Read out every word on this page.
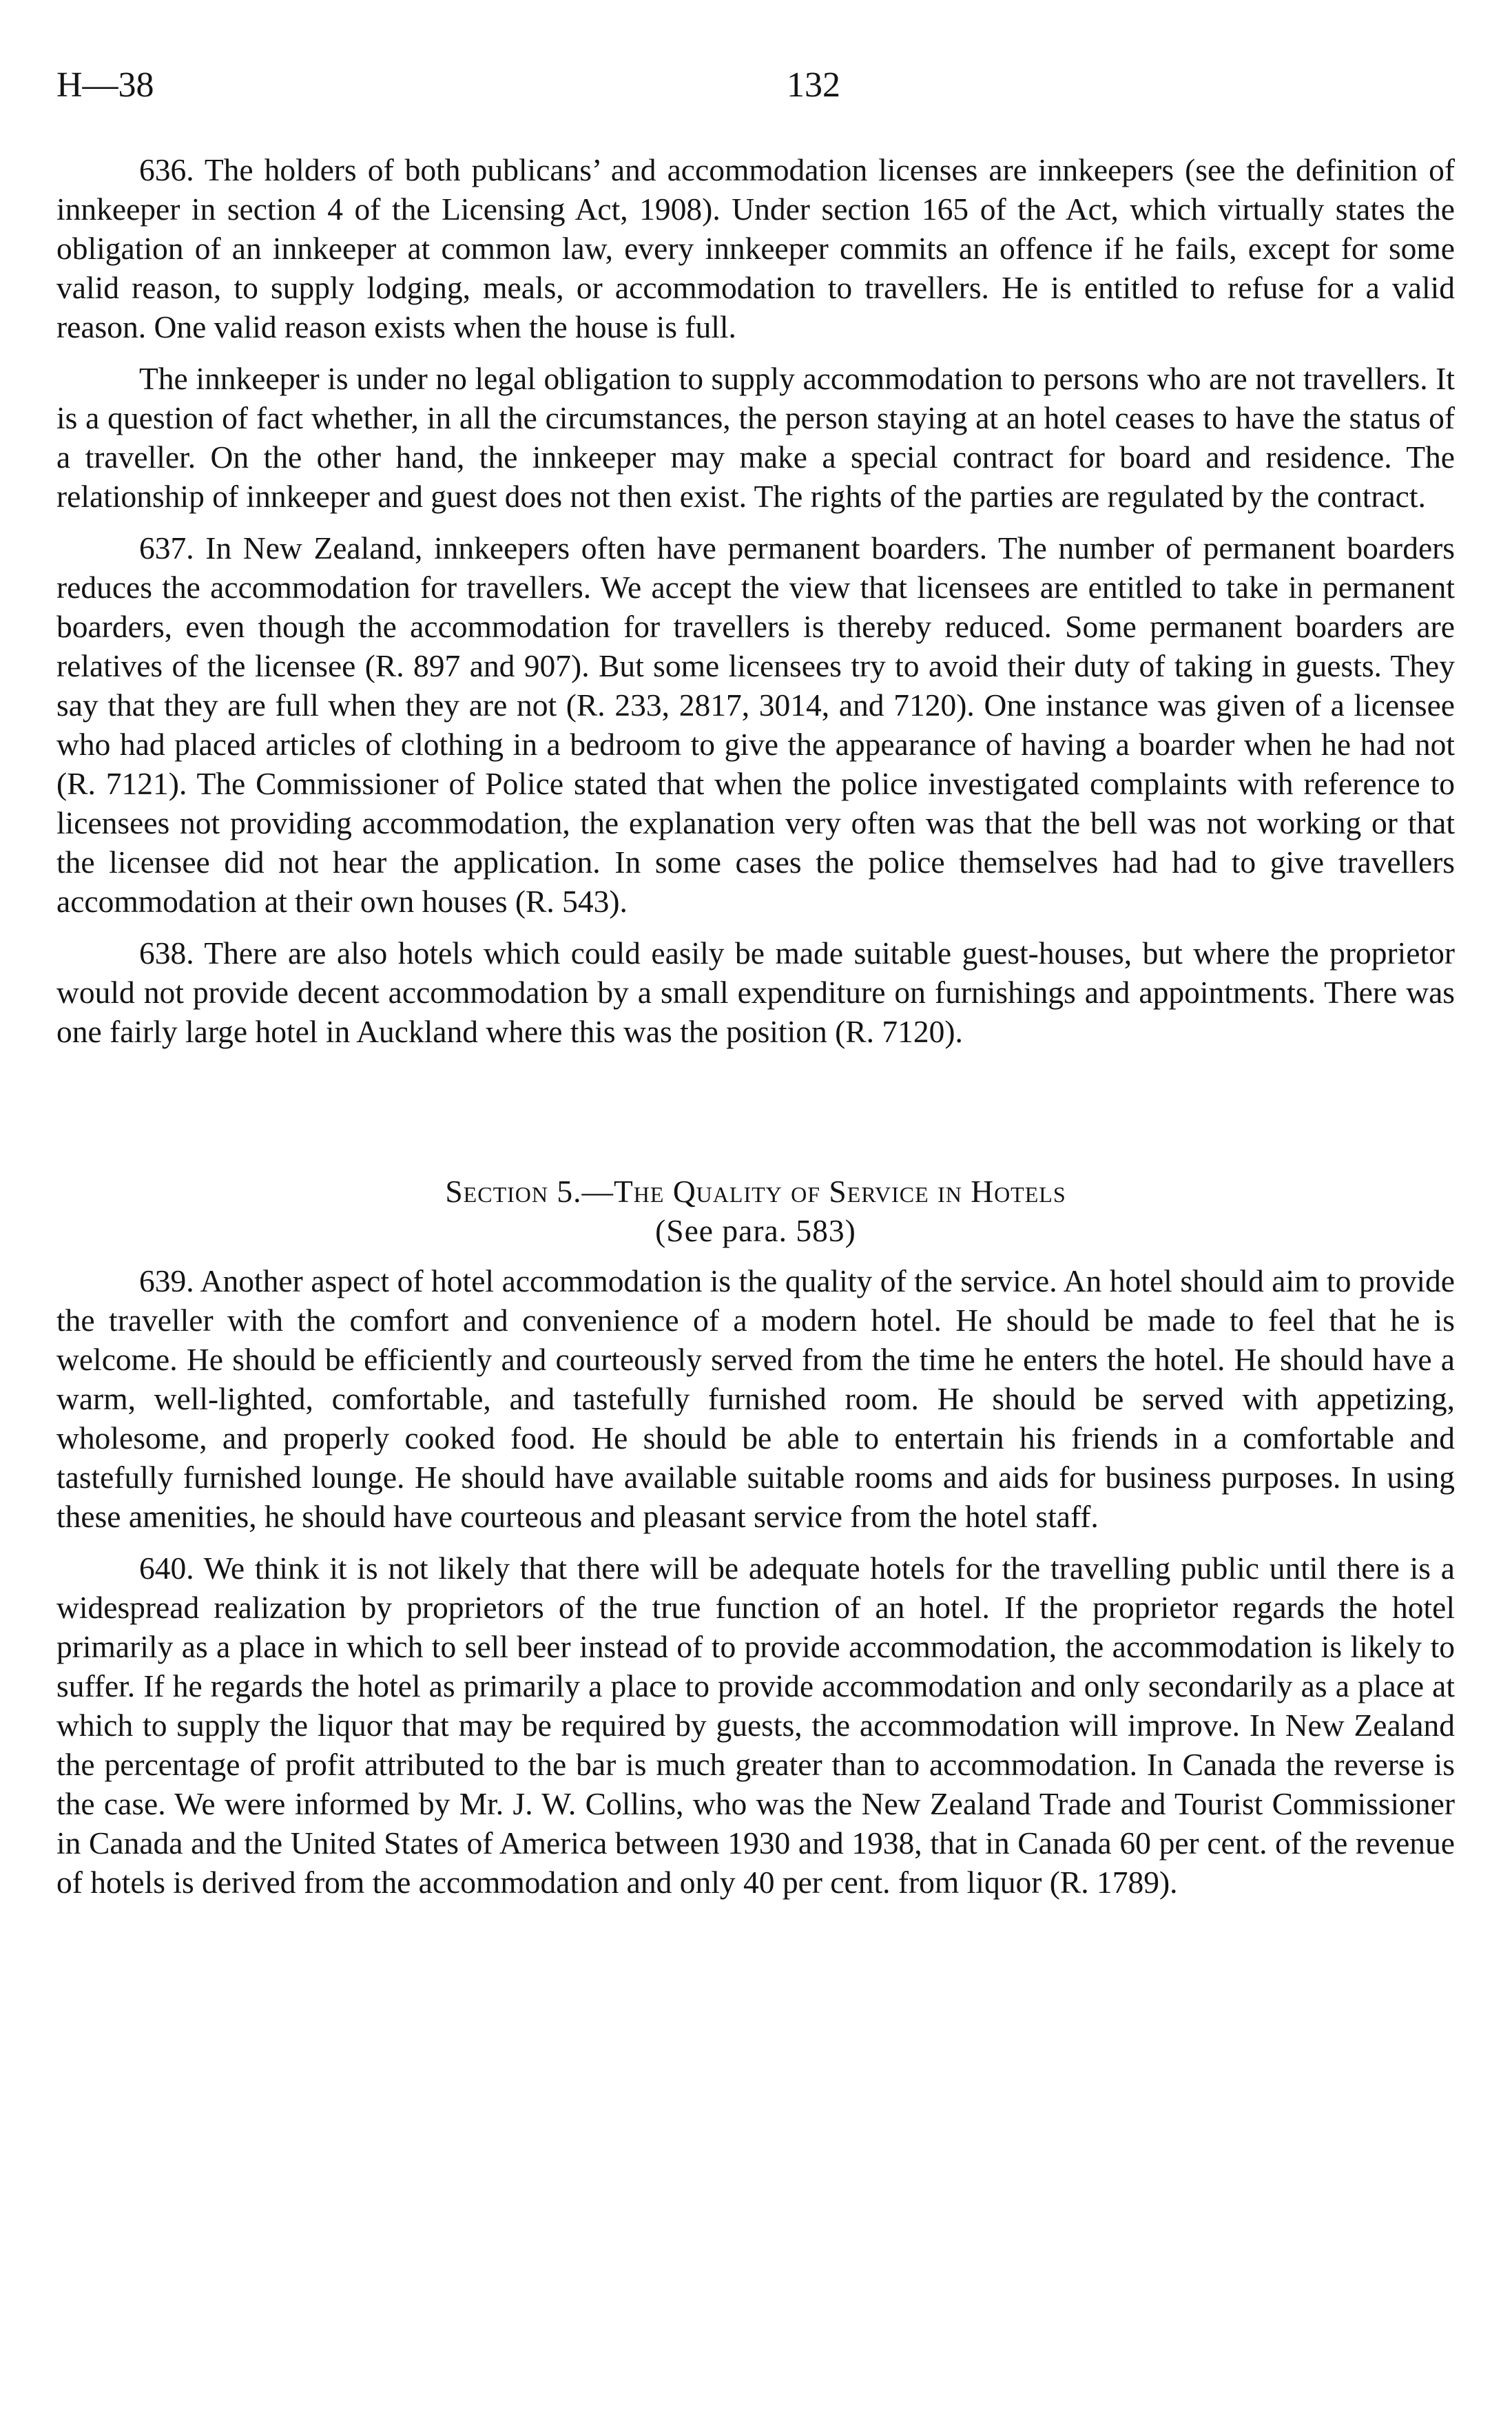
H—38	132

636. The holders of both publicans’ and accommodation licenses are innkeepers (see the definition of innkeeper in section 4 of the Licensing Act, 1908). Under section 165 of the Act, which virtually states the obligation of an innkeeper at common law, every innkeeper commits an offence if he fails, except for some valid reason, to supply lodging, meals, or accommodation to travellers. He is entitled to refuse for a valid reason. One valid reason exists when the house is full.

The innkeeper is under no legal obligation to supply accommodation to persons who are not travellers. It is a question of fact whether, in all the circumstances, the person staying at an hotel ceases to have the status of a traveller. On the other hand, the innkeeper may make a special contract for board and residence. The relationship of innkeeper and guest does not then exist. The rights of the parties are regulated by the contract.

637. In New Zealand, innkeepers often have permanent boarders. The number of permanent boarders reduces the accommodation for travellers. We accept the view that licensees are entitled to take in permanent boarders, even though the accommodation for travellers is thereby reduced. Some permanent boarders are relatives of the licensee (R. 897 and 907). But some licensees try to avoid their duty of taking in guests. They say that they are full when they are not (R. 233, 2817, 3014, and 7120). One instance was given of a licensee who had placed articles of clothing in a bedroom to give the appearance of having a boarder when he had not (R. 7121). The Commissioner of Police stated that when the police investigated complaints with reference to licensees not providing accommodation, the explanation very often was that the bell was not working or that the licensee did not hear the application. In some cases the police themselves had had to give travellers accommodation at their own houses (R. 543).

638. There are also hotels which could easily be made suitable guest-houses, but where the proprietor would not provide decent accommodation by a small expenditure on furnishings and appointments. There was one fairly large hotel in Auckland where this was the position (R. 7120).

Section 5.—The Quality of Service in Hotels

(See para. 583)

639. Another aspect of hotel accommodation is the quality of the service. An hotel should aim to provide the traveller with the comfort and convenience of a modern hotel. He should be made to feel that he is welcome. He should be efficiently and courteously served from the time he enters the hotel. He should have a warm, well-lighted, comfortable, and tastefully furnished room. He should be served with appetizing, wholesome, and properly cooked food. He should be able to entertain his friends in a comfortable and tastefully furnished lounge. He should have available suitable rooms and aids for business purposes. In using these amenities, he should have courteous and pleasant service from the hotel staff.

640. We think it is not likely that there will be adequate hotels for the travelling public until there is a widespread realization by proprietors of the true function of an hotel. If the proprietor regards the hotel primarily as a place in which to sell beer instead of to provide accommodation, the accommodation is likely to suffer. If he regards the hotel as primarily a place to provide accommodation and only secondarily as a place at which to supply the liquor that may be required by guests, the accommodation will improve. In New Zealand the percentage of profit attributed to the bar is much greater than to accommodation. In Canada the reverse is the case. We were informed by Mr. J. W. Collins, who was the New Zealand Trade and Tourist Commissioner in Canada and the United States of America between 1930 and 1938, that in Canada 60 per cent. of the revenue of hotels is derived from the accommodation and only 40 per cent. from liquor (R. 1789).
